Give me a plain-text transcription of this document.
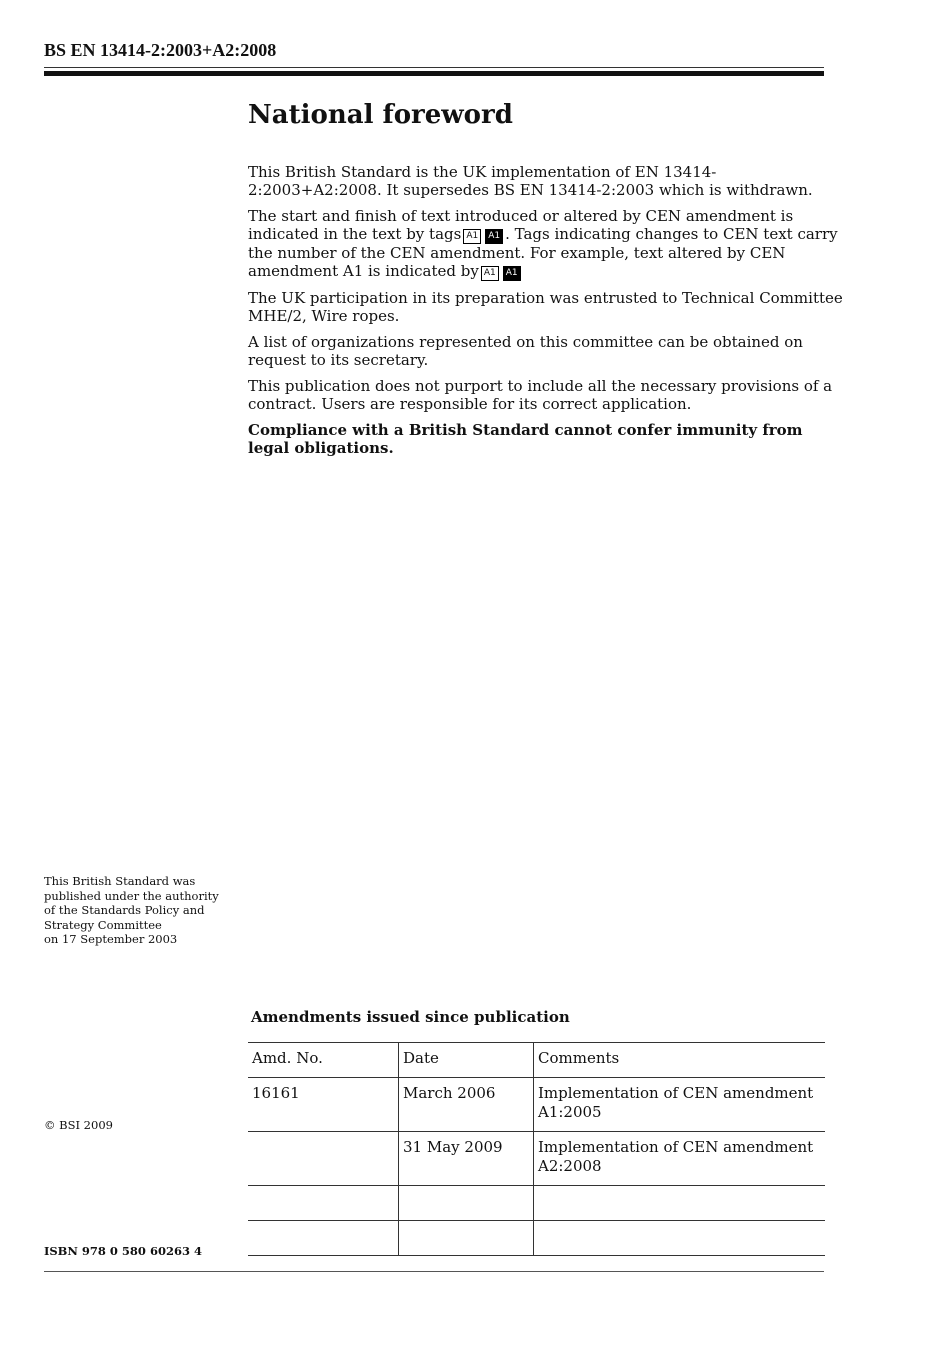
BS EN 13414-2:2003+A2:2008
National foreword

This British Standard is the UK implementation of EN 13414-2:2003+A2:2008. It supersedes BS EN 13414-2:2003 which is withdrawn.

The start and finish of text introduced or altered by CEN amendment is indicated in the text by tags A1 A1 . Tags indicating changes to CEN text carry the number of the CEN amendment. For example, text altered by CEN amendment A1 is indicated by A1 A1

The UK participation in its preparation was entrusted to Technical Committee MHE/2, Wire ropes.

A list of organizations represented on this committee can be obtained on request to its secretary.

This publication does not purport to include all the necessary provisions of a contract. Users are responsible for its correct application.

Compliance with a British Standard cannot confer immunity from legal obligations.

This British Standard was
published under the authority
of the Standards Policy and
Strategy Committee
on 17 September 2003
© BSI 2009
ISBN 978 0 580 60263 4
Amendments issued since publication
Amd. No.	Date	Comments
16161	March 2006	Implementation of CEN amendment A1:2005
	31 May 2009	Implementation of CEN amendment A2:2008
